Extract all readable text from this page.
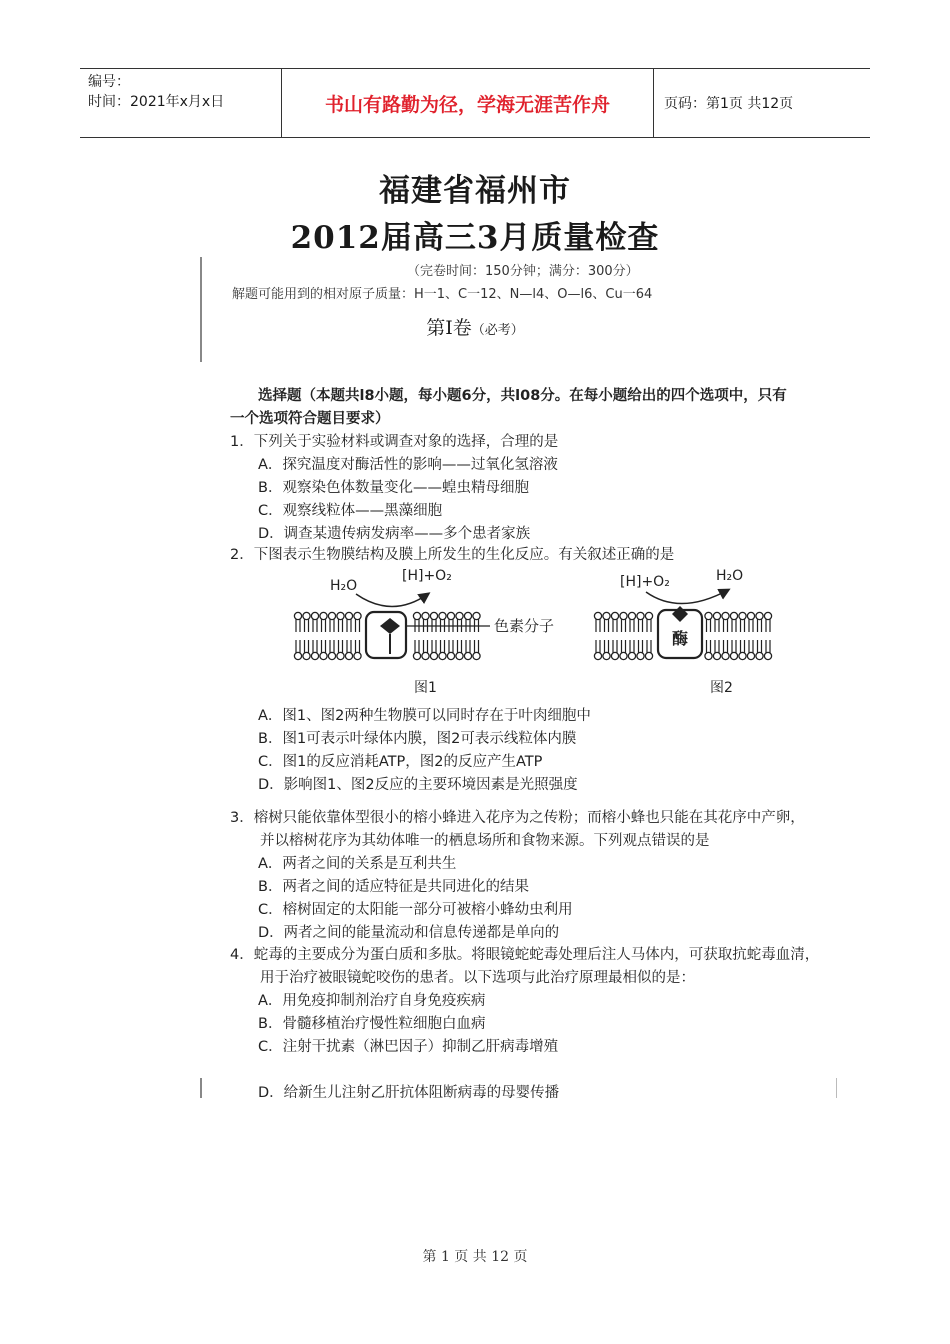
编号：
时间：2021年x月x日	书山有路勤为径，学海无涯苦作舟	页码：第1页 共12页
福建省福州市
2012届高三3月质量检查
（完卷时间：150分钟；满分：300分）
解题可能用到的相对原子质量：H一1、C一12、N—l4、O—l6、Cu一64
第Ⅰ卷（必考）
选择题（本题共l8小题，每小题6分，共l08分。在每小题给出的四个选项中，只有
一个选项符合题目要求）
1．下列关于实验材料或调查对象的选择，合理的是
A．探究温度对酶活性的影响——过氧化氢溶液
B．观察染色体数量变化——蝗虫精母细胞
C．观察线粒体——黑藻细胞
D．调查某遗传病发病率——多个患者家族
2．下图表示生物膜结构及膜上所发生的生化反应。有关叙述正确的是
H₂O
[H]+O₂
色素分子
酶
[H]+O₂	H₂O
图1	图2
A．图1、图2两种生物膜可以同时存在于叶肉细胞中
B．图1可表示叶绿体内膜，图2可表示线粒体内膜
C．图1的反应消耗ATP，图2的反应产生ATP
D．影响图1、图2反应的主要环境因素是光照强度
3．榕树只能依靠体型很小的榕小蜂进入花序为之传粉；而榕小蜂也只能在其花序中产卵，
并以榕树花序为其幼体唯一的栖息场所和食物来源。下列观点错误的是
A．两者之间的关系是互利共生
B．两者之间的适应特征是共同进化的结果
C．榕树固定的太阳能一部分可被榕小蜂幼虫利用
D．两者之间的能量流动和信息传递都是单向的
4．蛇毒的主要成分为蛋白质和多肽。将眼镜蛇蛇毒处理后注人马体内，可获取抗蛇毒血清，
用于治疗被眼镜蛇咬伤的患者。以下选项与此治疗原理最相似的是：
A．用免疫抑制剂治疗自身免疫疾病
B．骨髓移植治疗慢性粒细胞白血病
C．注射干扰素（淋巴因子）抑制乙肝病毒增殖
D．给新生儿注射乙肝抗体阻断病毒的母婴传播
第 1 页 共 12 页
